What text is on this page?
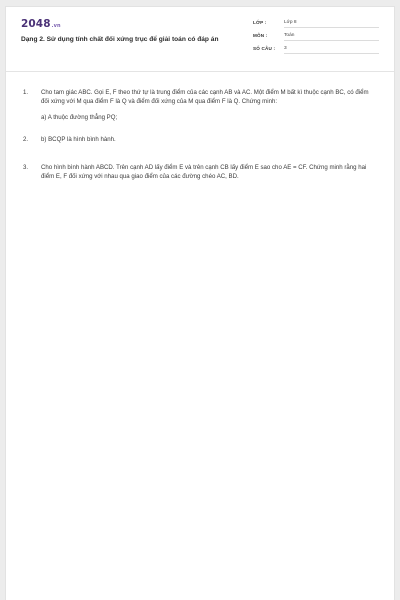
2048.vn
Dạng 2. Sử dụng tính chất đối xứng trục để giải toán có đáp án
LỚP :	Lớp 8
MÔN :	Toán
SỐ CÂU : 3
1.	Cho tam giác ABC. Gọi E, F theo thứ tự là trung điểm của các cạnh AB và AC. Một điểm M bất kì thuộc cạnh BC, có điểm đối xứng với M qua điểm F là Q và điểm đối xứng của M qua điểm F là Q. Chứng minh:
a) A thuộc đường thẳng PQ;
2.	b) BCQP là hình bình hành.
3.	Cho hình bình hành ABCD. Trên cạnh AD lấy điểm E và trên cạnh CB lấy điểm E sao cho AE = CF. Chứng minh rằng hai điểm E, F đối xứng với nhau qua giao điểm của các đường chéo AC, BD.
